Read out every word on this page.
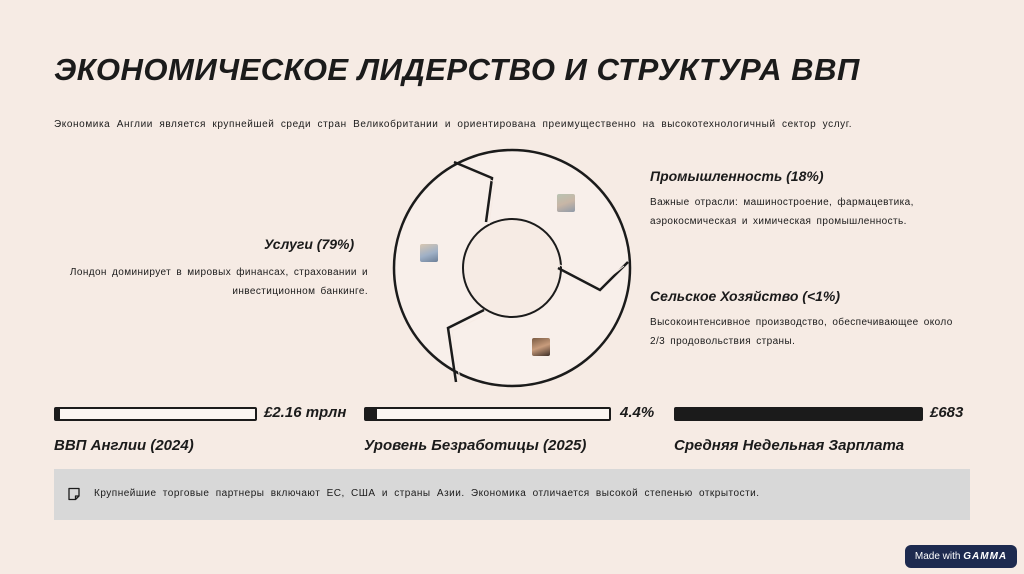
ЭКОНОМИЧЕСКОЕ ЛИДЕРСТВО И СТРУКТУРА ВВП
Экономика Англии является крупнейшей среди стран Великобритании и ориентирована преимущественно на высокотехнологичный сектор услуг.
Услуги (79%)
Лондон доминирует в мировых финансах, страховании и инвестиционном банкинге.
Промышленность (18%)
Важные отрасли: машиностроение, фармацевтика, аэрокосмическая и химическая промышленность.
Сельское Хозяйство (<1%)
Высокоинтенсивное производство, обеспечивающее около 2/3 продовольствия страны.
£2.16 трлн
ВВП Англии (2024)
4.4%
Уровень Безработицы (2025)
£683
Средняя Недельная Зарплата
Крупнейшие торговые партнеры включают ЕС, США и страны Азии. Экономика отличается высокой степенью открытости.
Made with GAMMA
